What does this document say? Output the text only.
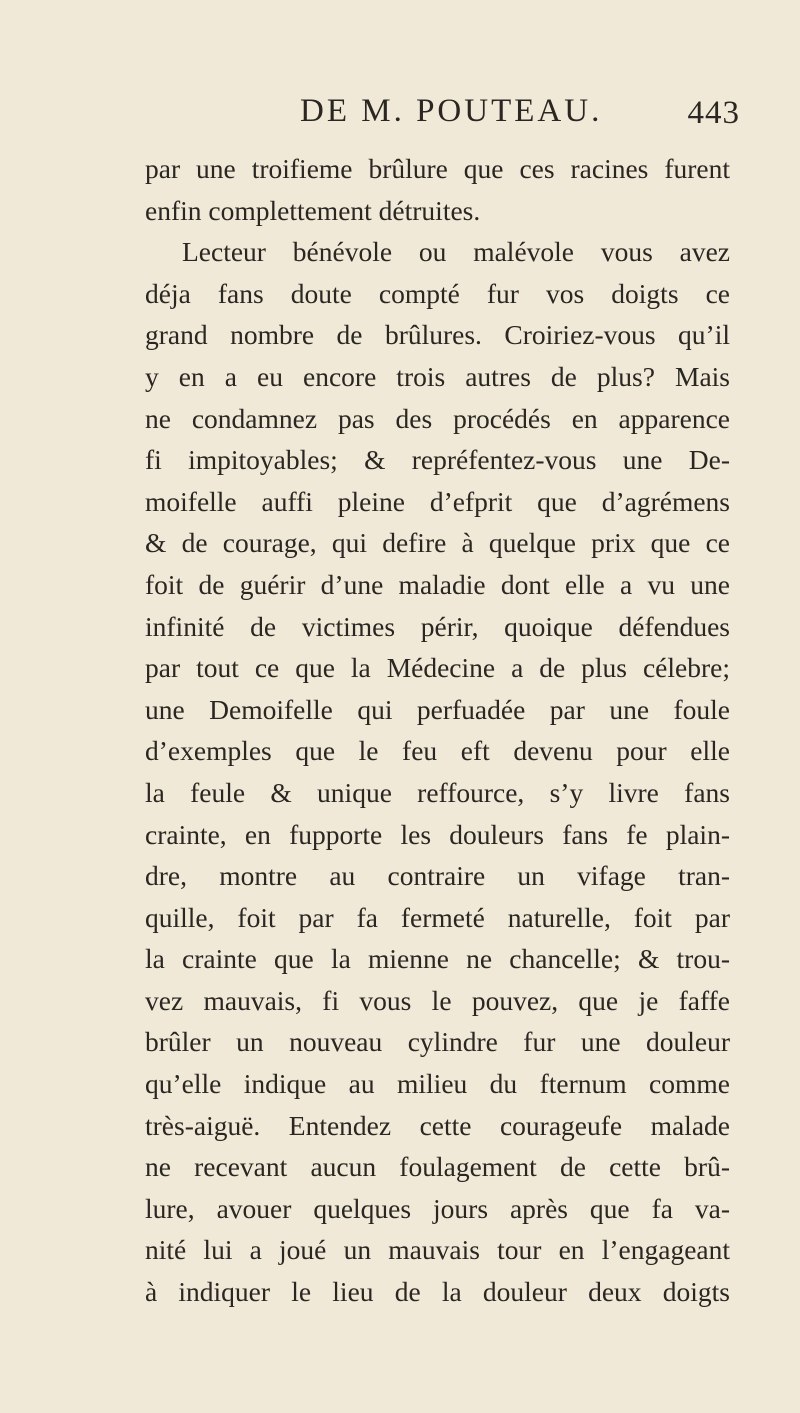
DE M. POUTEAU.	443
par une troifieme brûlure que ces racines furent
enfin complettement détruites.
Lecteur bénévole ou malévole vous avez
déja fans doute compté fur vos doigts ce
grand nombre de brûlures. Croiriez-vous qu’il
y en a eu encore trois autres de plus? Mais
ne condamnez pas des procédés en apparence
fi impitoyables; & repréfentez-vous une De-
moifelle auffi pleine d’efprit que d’agrémens
& de courage, qui defire à quelque prix que ce
foit de guérir d’une maladie dont elle a vu une
infinité de victimes périr, quoique défendues
par tout ce que la Médecine a de plus célebre;
une Demoifelle qui perfuadée par une foule
d’exemples que le feu eft devenu pour elle
la feule & unique reffource, s’y livre fans
crainte, en fupporte les douleurs fans fe plain-
dre, montre au contraire un vifage tran-
quille, foit par fa fermeté naturelle, foit par
la crainte que la mienne ne chancelle; & trou-
vez mauvais, fi vous le pouvez, que je faffe
brûler un nouveau cylindre fur une douleur
qu’elle indique au milieu du fternum comme
très-aiguë. Entendez cette courageufe malade
ne recevant aucun foulagement de cette brû-
lure, avouer quelques jours après que fa va-
nité lui a joué un mauvais tour en l’engageant
à indiquer le lieu de la douleur deux doigts
